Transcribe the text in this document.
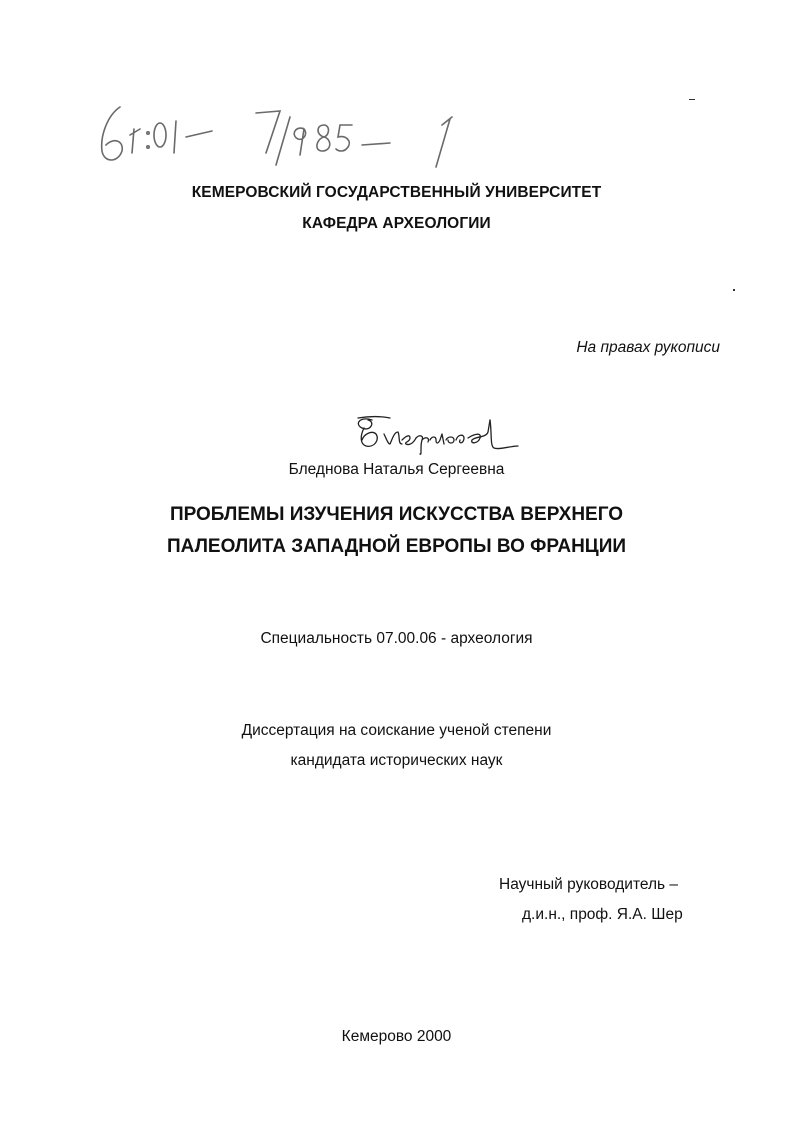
КЕМЕРОВСКИЙ ГОСУДАРСТВЕННЫЙ УНИВЕРСИТЕТ
КАФЕДРА АРХЕОЛОГИИ
На правах рукописи
Бледнова Наталья Сергеевна
ПРОБЛЕМЫ ИЗУЧЕНИЯ ИСКУССТВА ВЕРХНЕГО
ПАЛЕОЛИТА ЗАПАДНОЙ ЕВРОПЫ ВО ФРАНЦИИ
Специальность 07.00.06 - археология
Диссертация на соискание ученой степени
кандидата исторических наук
Научный руководитель –
д.и.н., проф. Я.А. Шер
Кемерово 2000
